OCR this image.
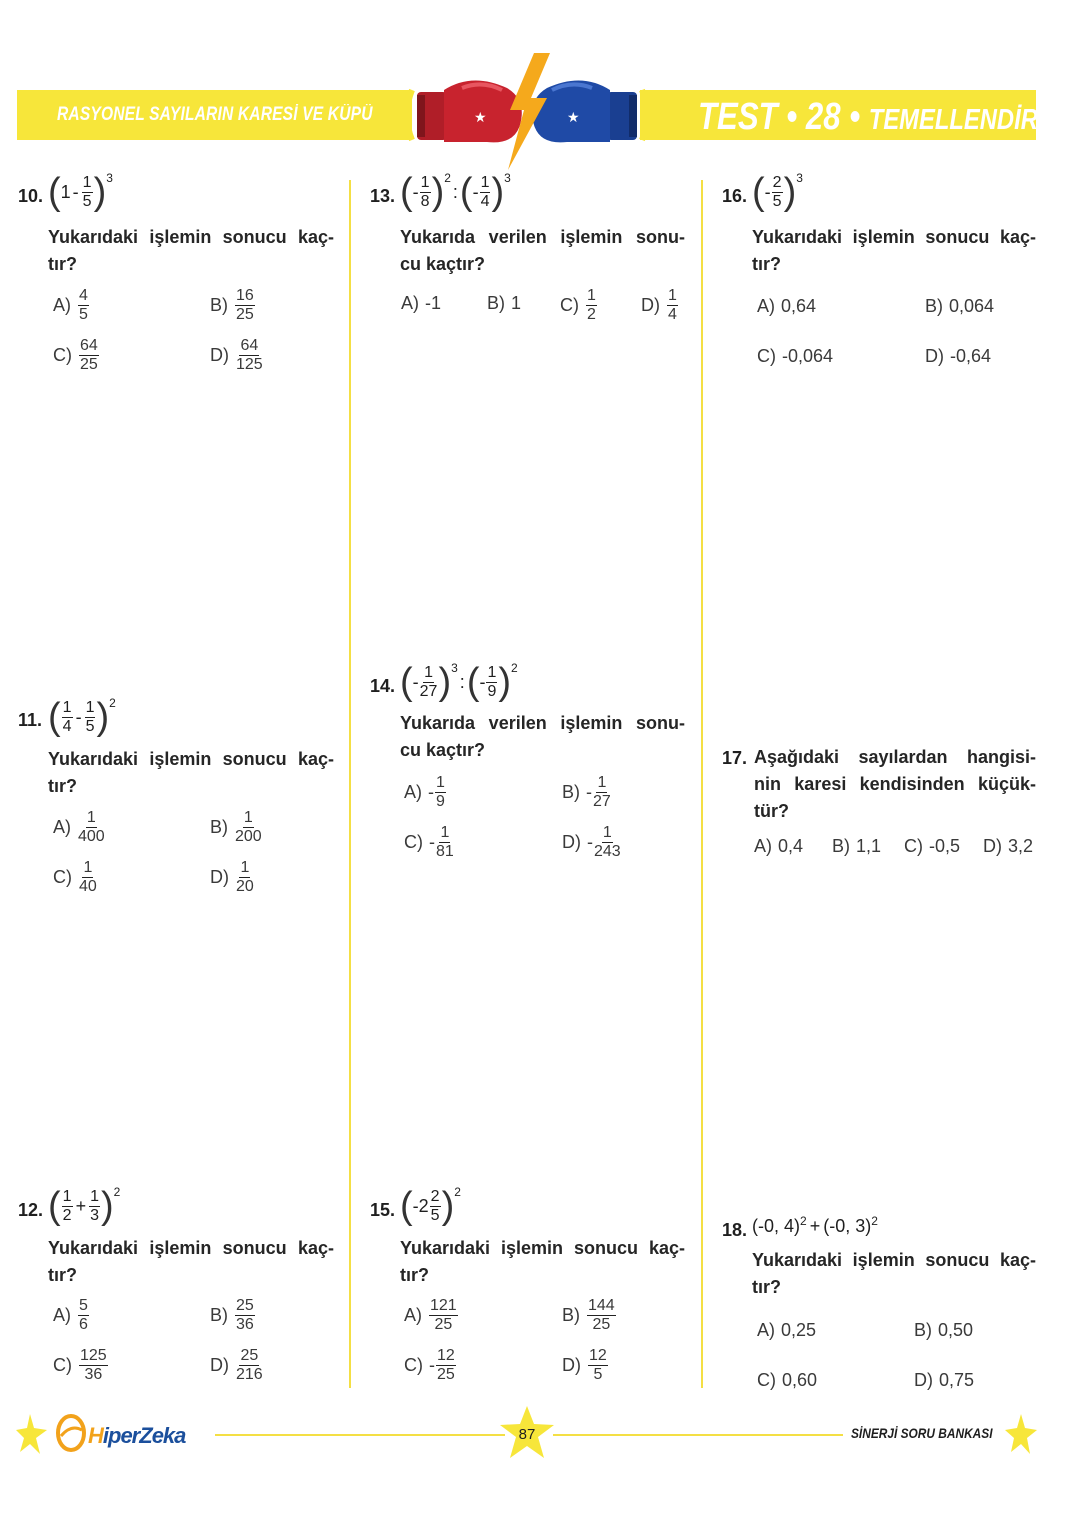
RASYONEL SAYILARIN KARESİ VE KÜPÜ	TEST • 28 • TEMELLENDİRME
★	★
10. ( $1 - \frac{1}{5}$ ) 3
Yukarıdaki işlemin sonucu kaç- tır?
$A) \frac{4}{5}$	$B) \frac{16}{25}$
$C) \frac{64}{25}$	$D) \frac{64}{125}$
11. ( $\frac{1}{4} - \frac{1}{5}$ ) 2
Yukarıdaki işlemin sonucu kaç- tır?
$A) \frac{1}{400}$	$B) \frac{1}{200}$
$C) \frac{1}{40}$	$D) \frac{1}{20}$
12. ( $\frac{1}{2} + \frac{1}{3}$ ) 2
Yukarıdaki işlemin sonucu kaç- tır?
$A) \frac{5}{6}$	$B) \frac{25}{36}$
$C) \frac{125}{36}$	$D) \frac{25}{216}$
13. ( - $\frac{1}{8}$ ) 2
: ( - $\frac{1}{4}$ ) 3
Yukarıda verilen işlemin sonu- cu kaçtır?
A) -1	B) 1 $C) \frac{1}{2} D) \frac{1}{4}$
14. ( - $\frac{1}{27}$ ) 3
: ( - $\frac{1}{9}$ ) 2
Yukarıda verilen işlemin sonu- cu kaçtır?
$A) - \frac{1}{9}$	$B) - \frac{1}{27}$
$C) - \frac{1}{81}$	$D) - \frac{1}{243}$
15. ( - $2 \frac{2}{5}$ ) 2
Yukarıdaki işlemin sonucu kaç- tır?
$A) \frac{121}{25}$	$B) \frac{144}{25}$
$C) - \frac{12}{25}$	$D) \frac{12}{5}$
16. ( - $\frac{2}{5}$ ) 3
Yukarıdaki işlemin sonucu kaç- tır?
A) 0,64	B) 0,064
C) -0,064	D) -0,64
17. Aşağıdaki sayılardan hangisi- nin karesi kendisinden küçük- tür?
A) 0,4 B) 1,1 C) -0,5 D) 3,2
18. (-0, 4) 2 + (-0, 3) 2
Yukarıdaki işlemin sonucu kaç- tır?
A) 0,25	B) 0,50
C) 0,60	D) 0,75
HiperZeka	87	SİNERJİ SORU BANKASI
